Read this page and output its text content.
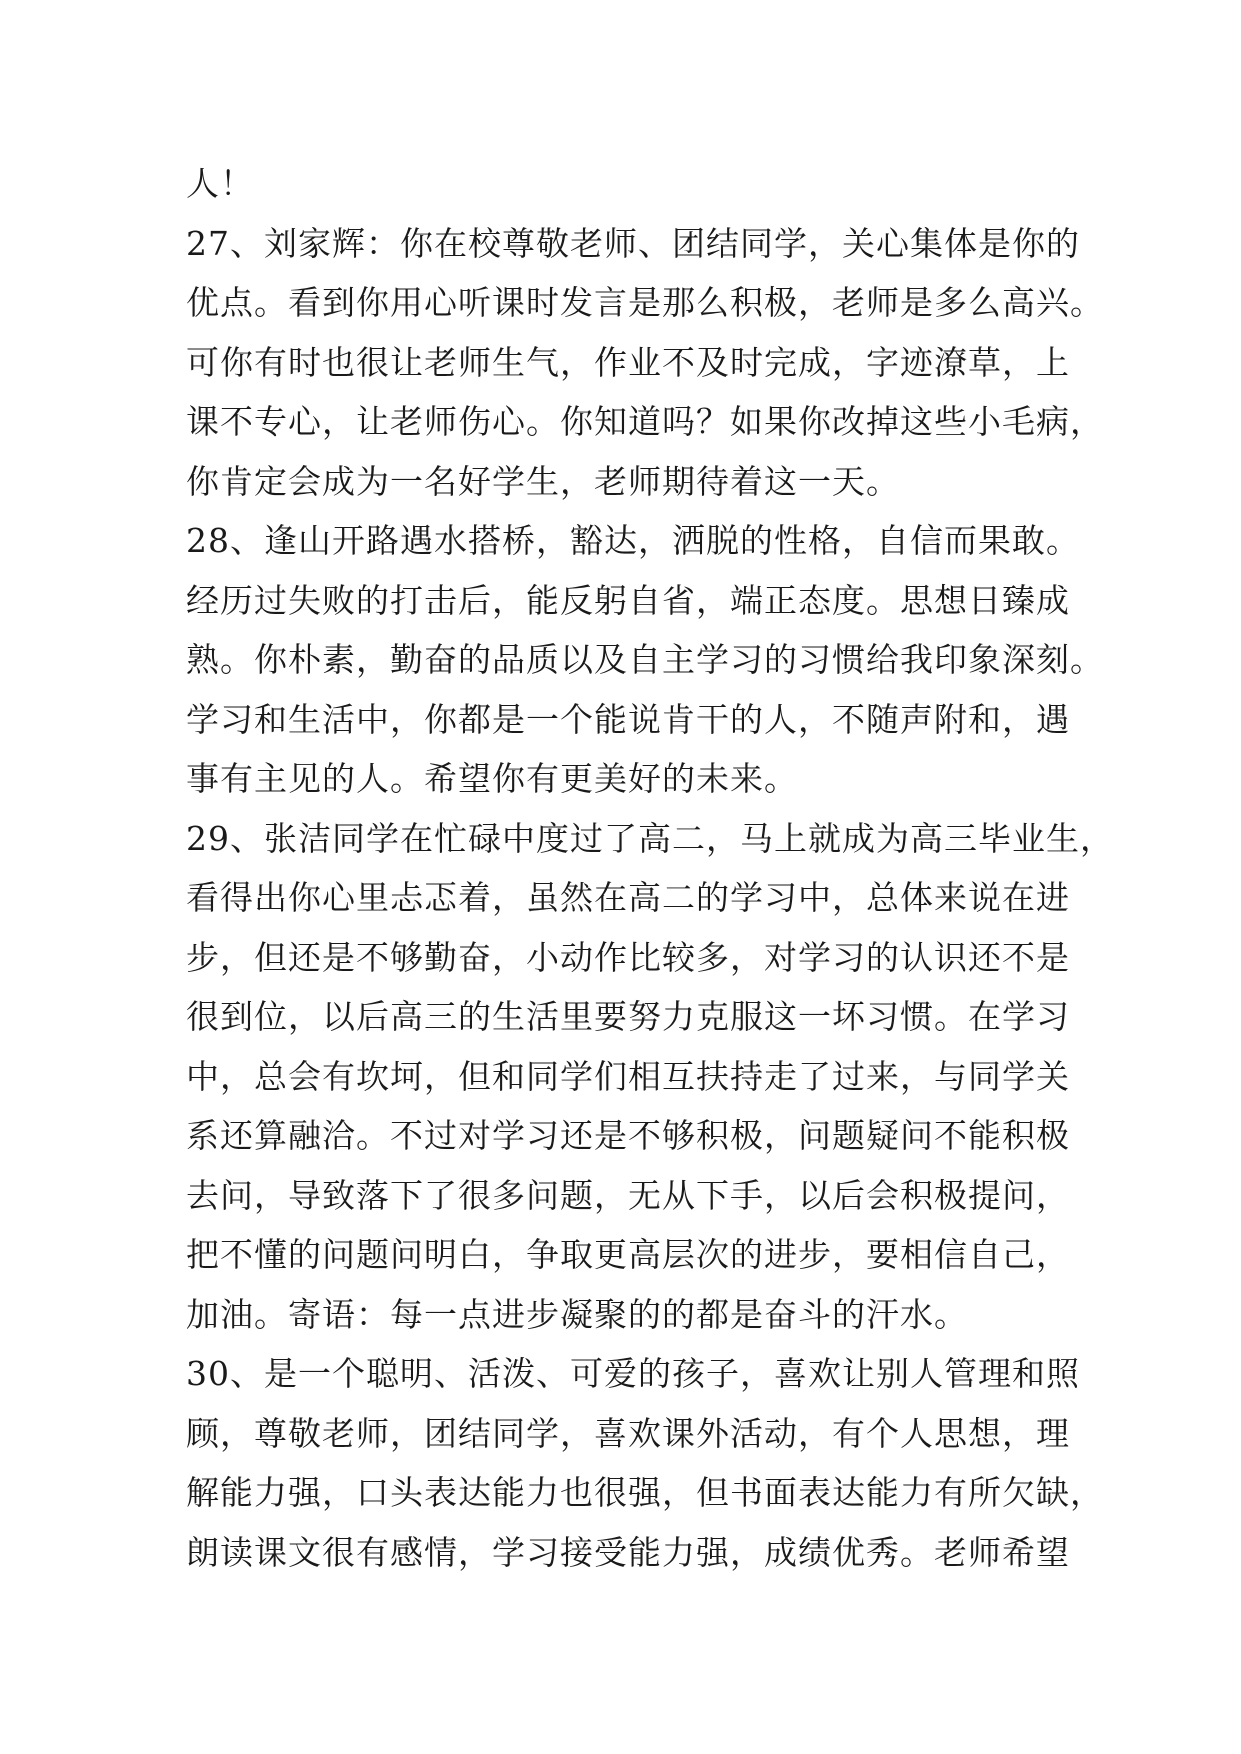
人！
27、刘家辉：你在校尊敬老师、团结同学，关心集体是你的
优点。看到你用心听课时发言是那么积极，老师是多么高兴。
可你有时也很让老师生气，作业不及时完成，字迹潦草，上
课不专心，让老师伤心。你知道吗？如果你改掉这些小毛病，
你肯定会成为一名好学生，老师期待着这一天。
28、逢山开路遇水搭桥，豁达，洒脱的性格，自信而果敢。
经历过失败的打击后，能反躬自省，端正态度。思想日臻成
熟。你朴素，勤奋的品质以及自主学习的习惯给我印象深刻。
学习和生活中，你都是一个能说肯干的人，不随声附和，遇
事有主见的人。希望你有更美好的未来。
29、张洁同学在忙碌中度过了高二，马上就成为高三毕业生，
看得出你心里忐忑着，虽然在高二的学习中，总体来说在进
步，但还是不够勤奋，小动作比较多，对学习的认识还不是
很到位，以后高三的生活里要努力克服这一坏习惯。在学习
中，总会有坎坷，但和同学们相互扶持走了过来，与同学关
系还算融洽。不过对学习还是不够积极，问题疑问不能积极
去问，导致落下了很多问题，无从下手，以后会积极提问，
把不懂的问题问明白，争取更高层次的进步，要相信自己，
加油。寄语：每一点进步凝聚的的都是奋斗的汗水。
30、是一个聪明、活泼、可爱的孩子，喜欢让别人管理和照
顾，尊敬老师，团结同学，喜欢课外活动，有个人思想，理
解能力强，口头表达能力也很强，但书面表达能力有所欠缺，
朗读课文很有感情，学习接受能力强，成绩优秀。老师希望
